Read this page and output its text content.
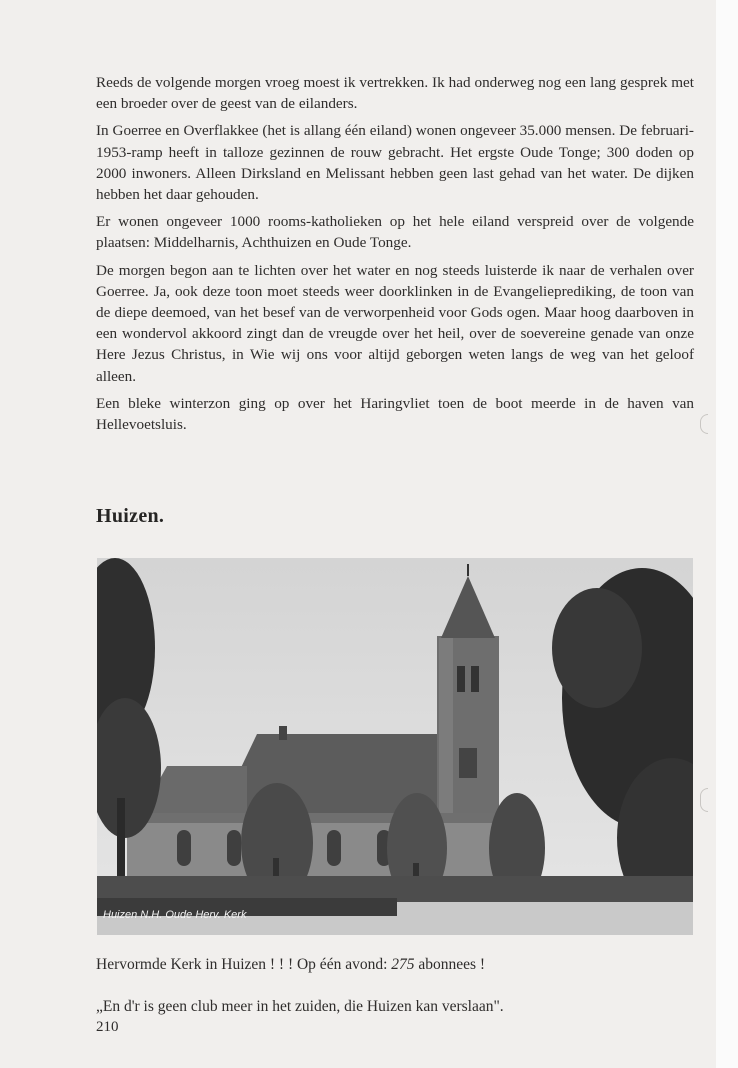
Reeds de volgende morgen vroeg moest ik vertrekken. Ik had onderweg nog een lang gesprek met een broeder over de geest van de eilanders.

In Goerree en Overflakkee (het is allang één eiland) wonen ongeveer 35.000 mensen. De februari-1953-ramp heeft in talloze gezinnen de rouw gebracht. Het ergste Oude Tonge; 300 doden op 2000 inwoners. Alleen Dirksland en Melissant hebben geen last gehad van het water. De dijken hebben het daar gehouden.

Er wonen ongeveer 1000 rooms-katholieken op het hele eiland verspreid over de volgende plaatsen: Middelharnis, Achthuizen en Oude Tonge.

De morgen begon aan te lichten over het water en nog steeds luisterde ik naar de verhalen over Goerree. Ja, ook deze toon moet steeds weer doorklinken in de Evangelieprediking, de toon van de diepe deemoed, van het besef van de verworpenheid voor Gods ogen. Maar hoog daarboven in een wondervol akkoord zingt dan de vreugde over het heil, over de soevereine genade van onze Here Jezus Christus, in Wie wij ons voor altijd geborgen weten langs de weg van het geloof alleen.

Een bleke winterzon ging op over het Haringvliet toen de boot meerde in de haven van Hellevoetsluis.

Huizen.
Huizen N.H. Oude Herv. Kerk
Hervormde Kerk in Huizen ! ! ! Op één avond: 275 abonnees !
„En d'r is geen club meer in het zuiden, die Huizen kan verslaan".
210
